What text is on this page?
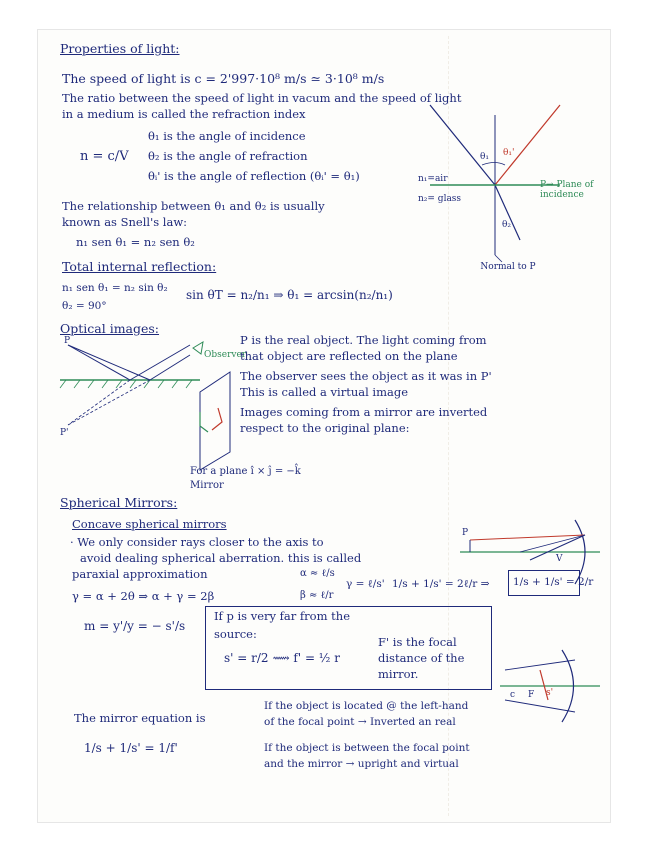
Properties of light:
The speed of light is c = 2'997·10⁸ m/s ≃ 3·10⁸ m/s
The ratio between the speed of light in vacum and the speed of light
in a medium is called the refraction index
n = c/V
θ₁ is the angle of incidence
θ₂ is the angle of refraction
θᵢ' is the angle of reflection (θᵢ' = θ₁)	n₁=air
n₂= glass
θ₁ θ₁'
θ₂
P→ Plane of incidence
Normal to P
The relationship between θ₁ and θ₂ is usually
known as Snell's law:
n₁ sen θ₁ = n₂ sen θ₂
Total internal reflection:
n₁ sen θ₁ = n₂ sin θ₂
θ₂ = 90°
sin θT = n₂/n₁ ⇒ θ₁ = arcsin(n₂/n₁)
Optical images:
P
P'
Observer
P is the real object. The light coming from
that object are reflected on the plane
The observer sees the object as it was in P'
This is called a virtual image
Images coming from a mirror are inverted
respect to the original plane:
For a plane î × ĵ = −k̂
Mirror
Spherical Mirrors:
Concave spherical mirrors
· We only consider rays closer to the axis to
avoid dealing spherical aberration. this is called
paraxial approximation	α ≈ ℓ/s
β ≈ ℓ/r
γ = ℓ/s' 1/s + 1/s' = 2ℓ/r ⇒ 1/s + 1/s' = 2/r
γ = α + 2θ ⇒ α + γ = 2β
m = y'/y = − s'/s
P
V
If p is very far from the
source:
s' = r/2 ⟿ f' = ½ r
F' is the focal
distance of the
mirror.
c F s'
The mirror equation is
1/s + 1/s' = 1/f'
If the object is located @ the left-hand
of the focal point → Inverted an real
If the object is between the focal point
and the mirror → upright and virtual
